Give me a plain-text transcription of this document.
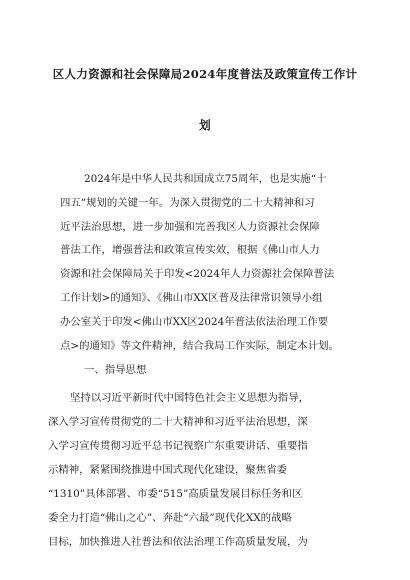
区人力资源和社会保障局2024年度普法及政策宣传工作计
划
2024年是中华人民共和国成立75周年，也是实施“十
四五”规划的关键一年。为深入贯彻党的二十大精神和习
近平法治思想，进一步加强和完善我区人力资源社会保障
普法工作，增强普法和政策宣传实效，根据《佛山市人力
资源和社会保障局关于印发<2024年人力资源社会保障普法
工作计划>的通知》、《佛山市XX区普及法律常识领导小组
办公室关于印发<佛山市XX区2024年普法依法治理工作要
点>的通知》等文件精神，结合我局工作实际，制定本计划。
一、指导思想
坚持以习近平新时代中国特色社会主义思想为指导，
深入学习宣传贯彻党的二十大精神和习近平法治思想，深
入学习宣传贯彻习近平总书记视察广东重要讲话、重要指
示精神，紧紧围绕推进中国式现代化建设，聚焦省委
“1310”具体部署、市委“515”高质量发展目标任务和区
委全力打造“佛山之心”、奔赴“六最”现代化XX的战略
目标，加快推进人社普法和依法治理工作高质量发展，为
